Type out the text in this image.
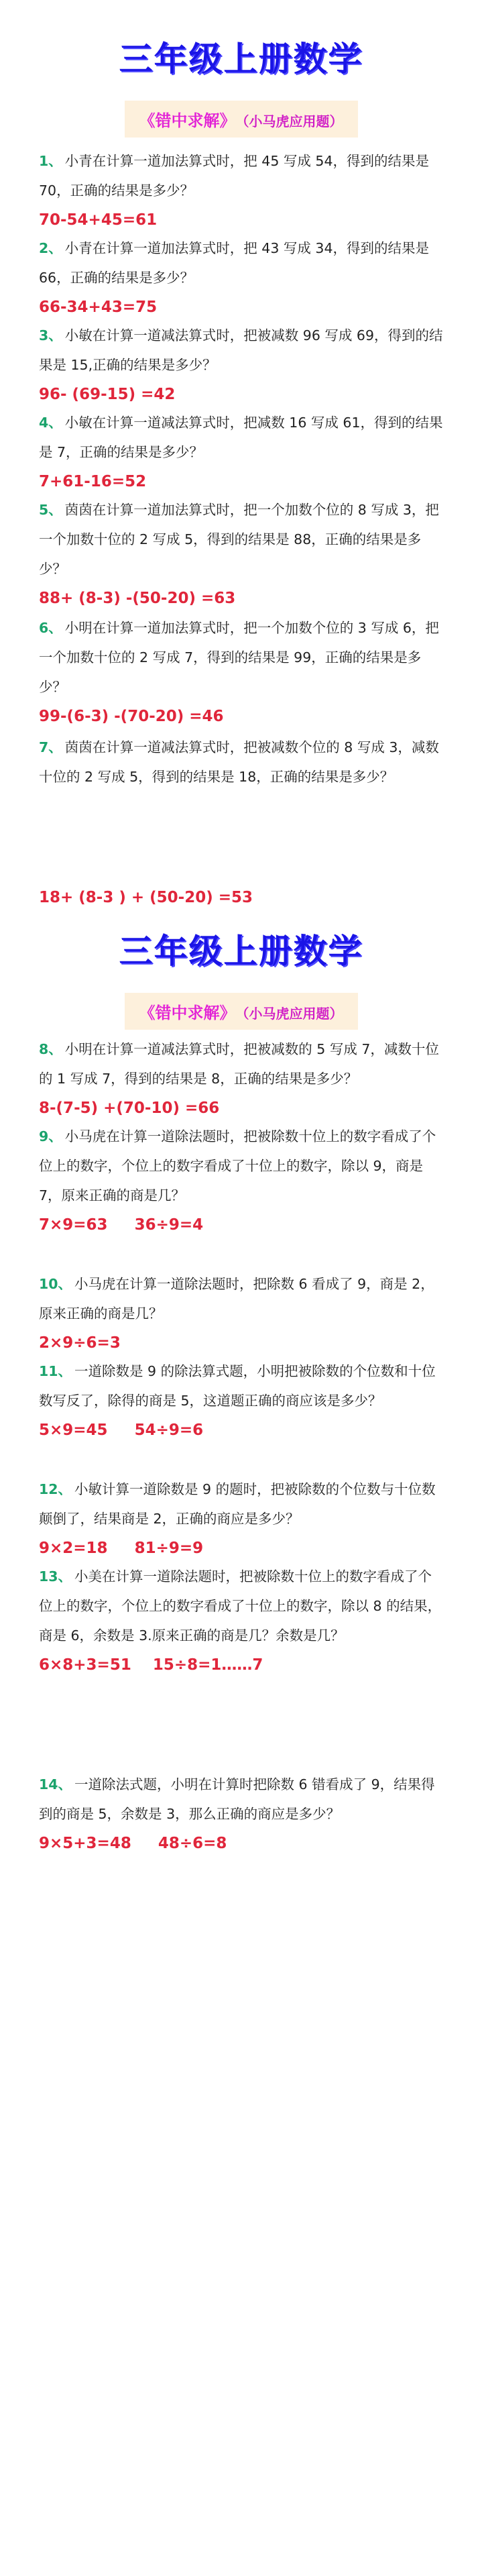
三年级上册数学
《错中求解》 （小马虎应用题）
1、 小青在计算一道加法算式时，把 45 写成 54，得到的结果是 70，正确的结果是多少？
70-54+45=61
2、 小青在计算一道加法算式时，把 43 写成 34，得到的结果是 66，正确的结果是多少？
66-34+43=75
3、 小敏在计算一道减法算式时，把被减数 96 写成 69，得到的结果是 15,正确的结果是多少？
96- (69-15) =42
4、 小敏在计算一道减法算式时，把减数 16 写成 61，得到的结果是 7，正确的结果是多少？
7+61-16=52
5、 茵茵在计算一道加法算式时，把一个加数个位的 8 写成 3，把一个加数十位的 2 写成 5，得到的结果是 88，正确的结果是多少？
88+ (8-3) -(50-20) =63
6、 小明在计算一道加法算式时，把一个加数个位的 3 写成 6，把一个加数十位的 2 写成 7，得到的结果是 99，正确的结果是多少？
99-(6-3) -(70-20) =46
7、 茵茵在计算一道减法算式时，把被减数个位的 8 写成 3，减数十位的 2 写成 5，得到的结果是 18，正确的结果是多少？
18+ (8-3 ) + (50-20) =53
三年级上册数学
《错中求解》 （小马虎应用题）
8、 小明在计算一道减法算式时，把被减数的 5 写成 7，减数十位的 1 写成 7，得到的结果是 8，正确的结果是多少？
8-(7-5) +(70-10) =66
9、 小马虎在计算一道除法题时，把被除数十位上的数字看成了个位上的数字，个位上的数字看成了十位上的数字，除以 9，商是 7，原来正确的商是几？
7×9=63     36÷9=4
10、 小马虎在计算一道除法题时，把除数 6 看成了 9，商是 2，原来正确的商是几？
2×9÷6=3
11、 一道除数是 9 的除法算式题，小明把被除数的个位数和十位数写反了，除得的商是 5，这道题正确的商应该是多少？
5×9=45     54÷9=6
12、 小敏计算一道除数是 9 的题时，把被除数的个位数与十位数颠倒了，结果商是 2，正确的商应是多少？
9×2=18     81÷9=9
13、 小美在计算一道除法题时，把被除数十位上的数字看成了个位上的数字，个位上的数字看成了十位上的数字，除以 8 的结果，商是 6，余数是 3.原来正确的商是几？余数是几？
6×8+3=51    15÷8=1……7
14、 一道除法式题，小明在计算时把除数 6 错看成了 9，结果得到的商是 5，余数是 3，那么正确的商应是多少？
9×5+3=48     48÷6=8
